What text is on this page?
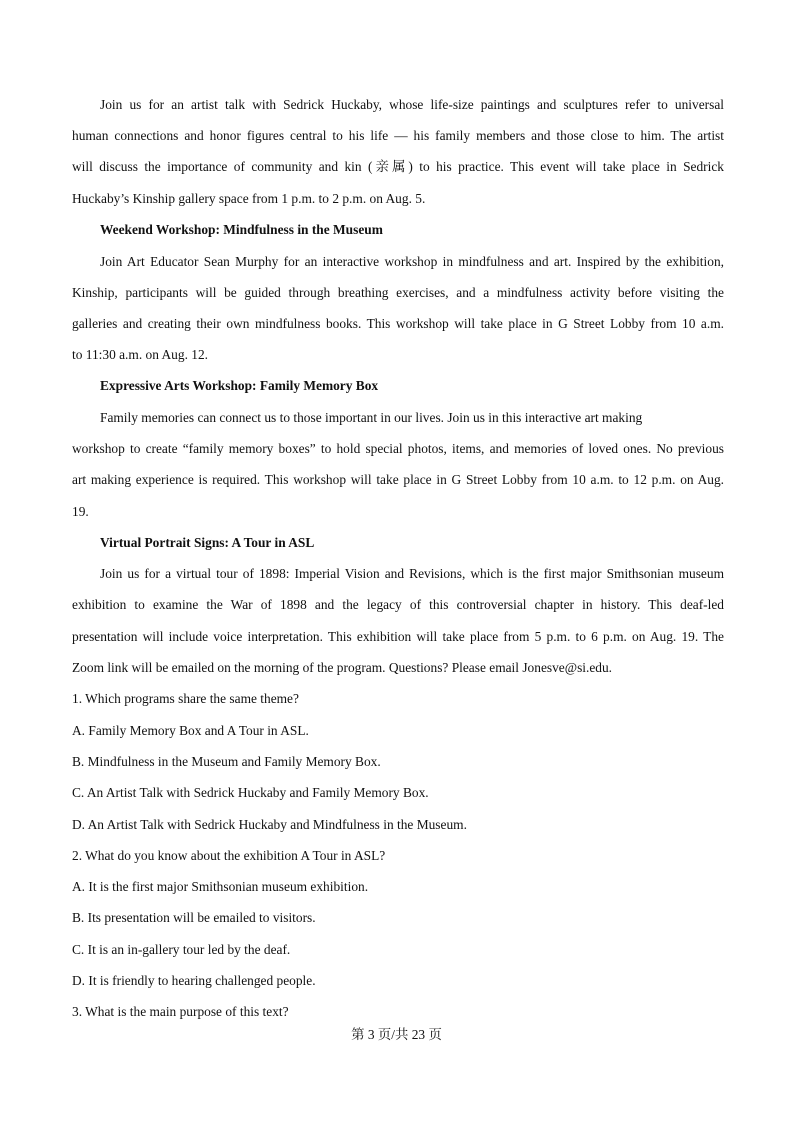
Join us for an artist talk with Sedrick Huckaby, whose life-size paintings and sculptures refer to universal
human connections and honor figures central to his life — his family members and those close to him. The artist
will discuss the importance of community and kin (亲属) to his practice. This event will take place in Sedrick
Huckaby’s Kinship gallery space from 1 p.m. to 2 p.m. on Aug. 5.
Weekend Workshop: Mindfulness in the Museum
Join Art Educator Sean Murphy for an interactive workshop in mindfulness and art. Inspired by the exhibition,
Kinship, participants will be guided through breathing exercises, and a mindfulness activity before visiting the
galleries and creating their own mindfulness books. This workshop will take place in G Street Lobby from 10 a.m.
to 11:30 a.m. on Aug. 12.
Expressive Arts Workshop: Family Memory Box
Family memories can connect us to those important in our lives. Join us in this interactive art making
workshop to create “family memory boxes” to hold special photos, items, and memories of loved ones. No previous
art making experience is required. This workshop will take place in G Street Lobby from 10 a.m. to 12 p.m. on Aug.
19.
Virtual Portrait Signs: A Tour in ASL
Join us for a virtual tour of 1898: Imperial Vision and Revisions, which is the first major Smithsonian museum
exhibition to examine the War of 1898 and the legacy of this controversial chapter in history. This deaf-led
presentation will include voice interpretation. This exhibition will take place from 5 p.m. to 6 p.m. on Aug. 19. The
Zoom link will be emailed on the morning of the program. Questions? Please email Jonesve@si.edu.
1. Which programs share the same theme?
A. Family Memory Box and A Tour in ASL.
B. Mindfulness in the Museum and Family Memory Box.
C. An Artist Talk with Sedrick Huckaby and Family Memory Box.
D. An Artist Talk with Sedrick Huckaby and Mindfulness in the Museum.
2. What do you know about the exhibition A Tour in ASL?
A. It is the first major Smithsonian museum exhibition.
B. Its presentation will be emailed to visitors.
C. It is an in-gallery tour led by the deaf.
D. It is friendly to hearing challenged people.
3. What is the main purpose of this text?
第 3 页/共 23 页
